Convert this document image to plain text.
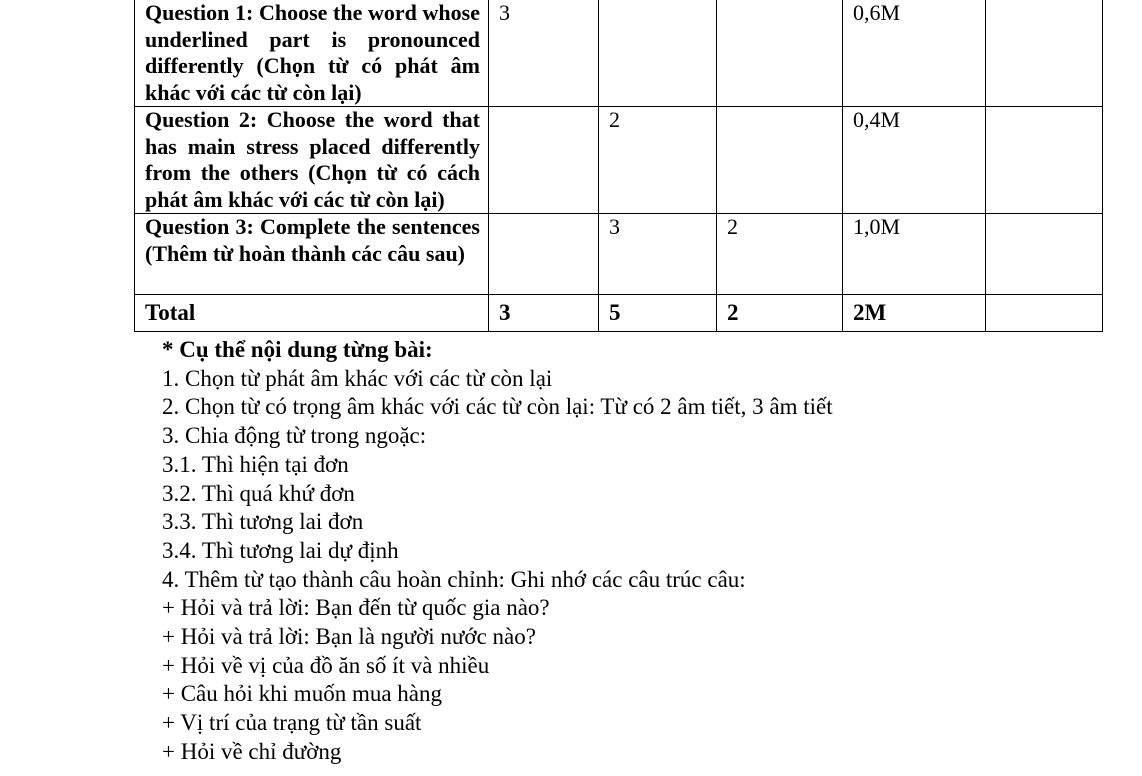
Question 1: Choose the word whose underlined part is pronounced differently (Chọn từ có phát âm khác với các từ còn lại)	3			0,6M	
Question 2: Choose the word that has main stress placed differently from the others (Chọn từ có cách phát âm khác với các từ còn lại)		2		0,4M	
Question 3: Complete the sentences (Thêm từ hoàn thành các câu sau)		3	2	1,0M	
Total	3	5	2	2M	

* Cụ thể nội dung từng bài:

1. Chọn từ phát âm khác với các từ còn lại

2. Chọn từ có trọng âm khác với các từ còn lại: Từ có 2 âm tiết, 3 âm tiết

3. Chia động từ trong ngoặc:

3.1. Thì hiện tại đơn

3.2. Thì quá khứ đơn

3.3. Thì tương lai đơn

3.4. Thì tương lai dự định

4. Thêm từ tạo thành câu hoàn chỉnh: Ghi nhớ các câu trúc câu:

+ Hỏi và trả lời: Bạn đến từ quốc gia nào?

+ Hỏi và trả lời: Bạn là người nước nào?

+ Hỏi về vị của đồ ăn số ít và nhiều

+ Câu hỏi khi muốn mua hàng

+ Vị trí của trạng từ tần suất

+ Hỏi về chỉ đường
